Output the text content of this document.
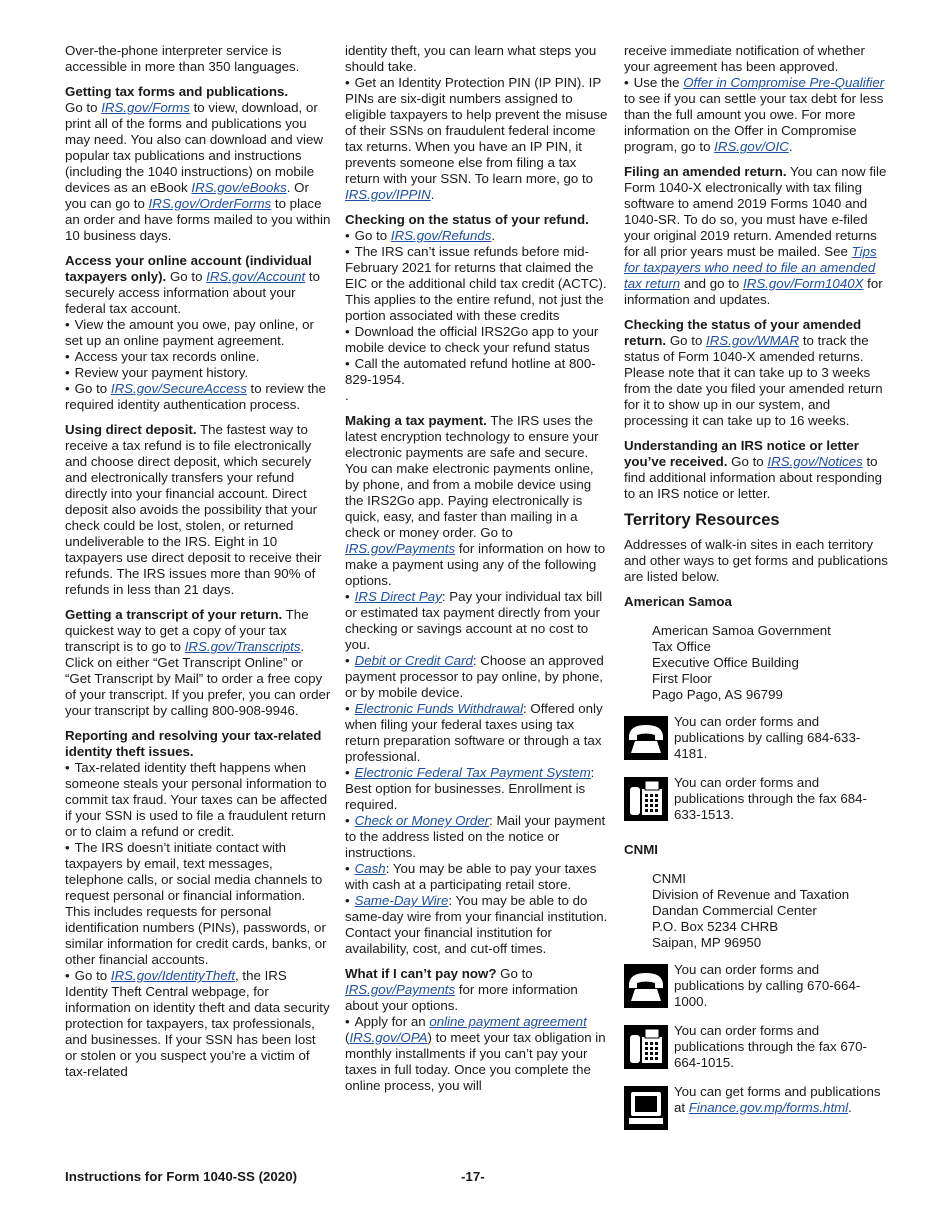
Over-the-phone interpreter service is accessible in more than 350 languages.

Getting tax forms and publications.
Go to IRS.gov/Forms to view, download, or print all of the forms and publications you may need. You also can download and view popular tax publications and instructions (including the 1040 instructions) on mobile devices as an eBook IRS.gov/eBooks. Or you can go to IRS.gov/OrderForms to place an order and have forms mailed to you within 10 business days.

Access your online account (individual taxpayers only). Go to IRS.gov/Account to securely access information about your federal tax account.
• View the amount you owe, pay online, or set up an online payment agreement.
• Access your tax records online.
• Review your payment history.
• Go to IRS.gov/SecureAccess to review the required identity authentication process.

Using direct deposit. The fastest way to receive a tax refund is to file electronically and choose direct deposit, which securely and electronically transfers your refund directly into your financial account. Direct deposit also avoids the possibility that your check could be lost, stolen, or returned undeliverable to the IRS. Eight in 10 taxpayers use direct deposit to receive their refunds. The IRS issues more than 90% of refunds in less than 21 days.

Getting a transcript of your return. The quickest way to get a copy of your tax transcript is to go to IRS.gov/Transcripts. Click on either “Get Transcript Online” or “Get Transcript by Mail” to order a free copy of your transcript. If you prefer, you can order your transcript by calling 800-908-9946.

Reporting and resolving your tax-related identity theft issues.
• Tax-related identity theft happens when someone steals your personal information to commit tax fraud. Your taxes can be affected if your SSN is used to file a fraudulent return or to claim a refund or credit.
• The IRS doesn’t initiate contact with taxpayers by email, text messages, telephone calls, or social media channels to request personal or financial information. This includes requests for personal identification numbers (PINs), passwords, or similar information for credit cards, banks, or other financial accounts.
• Go to IRS.gov/IdentityTheft, the IRS Identity Theft Central webpage, for information on identity theft and data security protection for taxpayers, tax professionals, and businesses. If your SSN has been lost or stolen or you suspect you’re a victim of tax-related
identity theft, you can learn what steps you should take.
• Get an Identity Protection PIN (IP PIN). IP PINs are six-digit numbers assigned to eligible taxpayers to help prevent the misuse of their SSNs on fraudulent federal income tax returns. When you have an IP PIN, it prevents someone else from filing a tax return with your SSN. To learn more, go to IRS.gov/IPPIN.
Checking on the status of your refund.
• Go to IRS.gov/Refunds.
• The IRS can’t issue refunds before mid-February 2021 for returns that claimed the EIC or the additional child tax credit (ACTC). This applies to the entire refund, not just the portion associated with these credits
• Download the official IRS2Go app to your mobile device to check your refund status
• Call the automated refund hotline at 800-829-1954.
.
Making a tax payment. The IRS uses the latest encryption technology to ensure your electronic payments are safe and secure. You can make electronic payments online, by phone, and from a mobile device using the IRS2Go app. Paying electronically is quick, easy, and faster than mailing in a check or money order. Go to IRS.gov/Payments for information on how to make a payment using any of the following options.
• IRS Direct Pay: Pay your individual tax bill or estimated tax payment directly from your checking or savings account at no cost to you.
• Debit or Credit Card: Choose an approved payment processor to pay online, by phone, or by mobile device.
• Electronic Funds Withdrawal: Offered only when filing your federal taxes using tax return preparation software or through a tax professional.
• Electronic Federal Tax Payment System: Best option for businesses. Enrollment is required.
• Check or Money Order: Mail your payment to the address listed on the notice or instructions.
• Cash: You may be able to pay your taxes with cash at a participating retail store.
• Same-Day Wire: You may be able to do same-day wire from your financial institution. Contact your financial institution for availability, cost, and cut-off times.
What if I can’t pay now? Go to IRS.gov/Payments for more information about your options.
• Apply for an online payment agreement (IRS.gov/OPA) to meet your tax obligation in monthly installments if you can’t pay your taxes in full today. Once you complete the online process, you will
receive immediate notification of whether your agreement has been approved.
• Use the Offer in Compromise Pre-Qualifier to see if you can settle your tax debt for less than the full amount you owe. For more information on the Offer in Compromise program, go to IRS.gov/OIC.

Filing an amended return. You can now file Form 1040-X electronically with tax filing software to amend 2019 Forms 1040 and 1040-SR. To do so, you must have e-filed your original 2019 return. Amended returns for all prior years must be mailed. See Tips for taxpayers who need to file an amended tax return and go to IRS.gov/Form1040X for information and updates.

Checking the status of your amended return. Go to IRS.gov/WMAR to track the status of Form 1040-X amended returns. Please note that it can take up to 3 weeks from the date you filed your amended return for it to show up in our system, and processing it can take up to 16 weeks.

Understanding an IRS notice or letter you’ve received. Go to IRS.gov/Notices to find additional information about responding to an IRS notice or letter.

Territory Resources

Addresses of walk-in sites in each territory and other ways to get forms and publications are listed below.

American Samoa
American Samoa Government
Tax Office
Executive Office Building
First Floor
Pago Pago, AS 96799
You can order forms and publications by calling 684-633-4181.
You can order forms and publications through the fax 684-633-1513.
CNMI
CNMI
Division of Revenue and Taxation
Dandan Commercial Center
P.O. Box 5234 CHRB
Saipan, MP 96950
You can order forms and publications by calling 670-664-1000.
You can order forms and publications through the fax 670-664-1015.
You can get forms and publications at Finance.gov.mp/forms.html.
Instructions for Form 1040-SS (2020)	-17-
